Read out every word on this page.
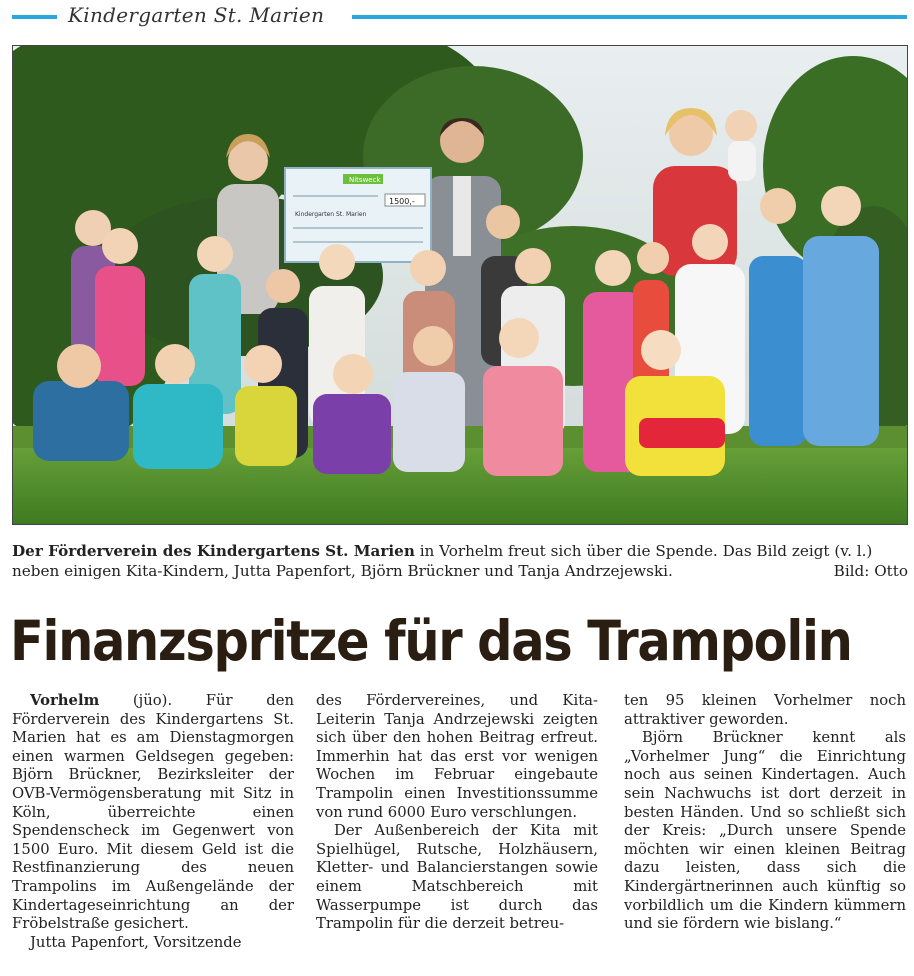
Kindergarten St. Marien
Nitsweck
1500,-
Kindergarten St. Marien
Der Förderverein des Kindergartens St. Marien in Vorhelm freut sich über die Spende. Das Bild zeigt (v. l.)
neben einigen Kita-Kindern, Jutta Papenfort, Björn Brückner und Tanja Andrzejewski.	Bild: Otto
Finanzspritze für das Trampolin

Vorhelm (jüo). Für den Förderverein des Kindergartens St. Marien hat es am Dienstagmorgen einen warmen Geldsegen gegeben: Björn Brückner, Bezirksleiter der OVB-Vermögensberatung mit Sitz in Köln, überreichte einen Spendenscheck im Gegenwert von 1500 Euro. Mit diesem Geld ist die Restfinanzierung des neuen Trampolins im Außengelände der Kindertageseinrichtung an der Fröbelstraße gesichert.

Jutta Papenfort, Vorsitzende

des Fördervereines, und Kita-Leiterin Tanja Andrzejewski zeigten sich über den hohen Beitrag erfreut. Immerhin hat das erst vor wenigen Wochen im Februar eingebaute Trampolin einen Investitionssumme von rund 6000 Euro verschlungen.

Der Außenbereich der Kita mit Spielhügel, Rutsche, Holzhäusern, Kletter- und Balancierstangen sowie einem Matschbereich mit Wasserpumpe ist durch das Trampolin für die derzeit betreu-

ten 95 kleinen Vorhelmer noch attraktiver geworden.

Björn Brückner kennt als „Vorhelmer Jung“ die Einrichtung noch aus seinen Kindertagen. Auch sein Nachwuchs ist dort derzeit in besten Händen. Und so schließt sich der Kreis: „Durch unsere Spende möchten wir einen kleinen Beitrag dazu leisten, dass sich die Kindergärtnerinnen auch künftig so vorbildlich um die Kindern kümmern und sie fördern wie bislang.“
